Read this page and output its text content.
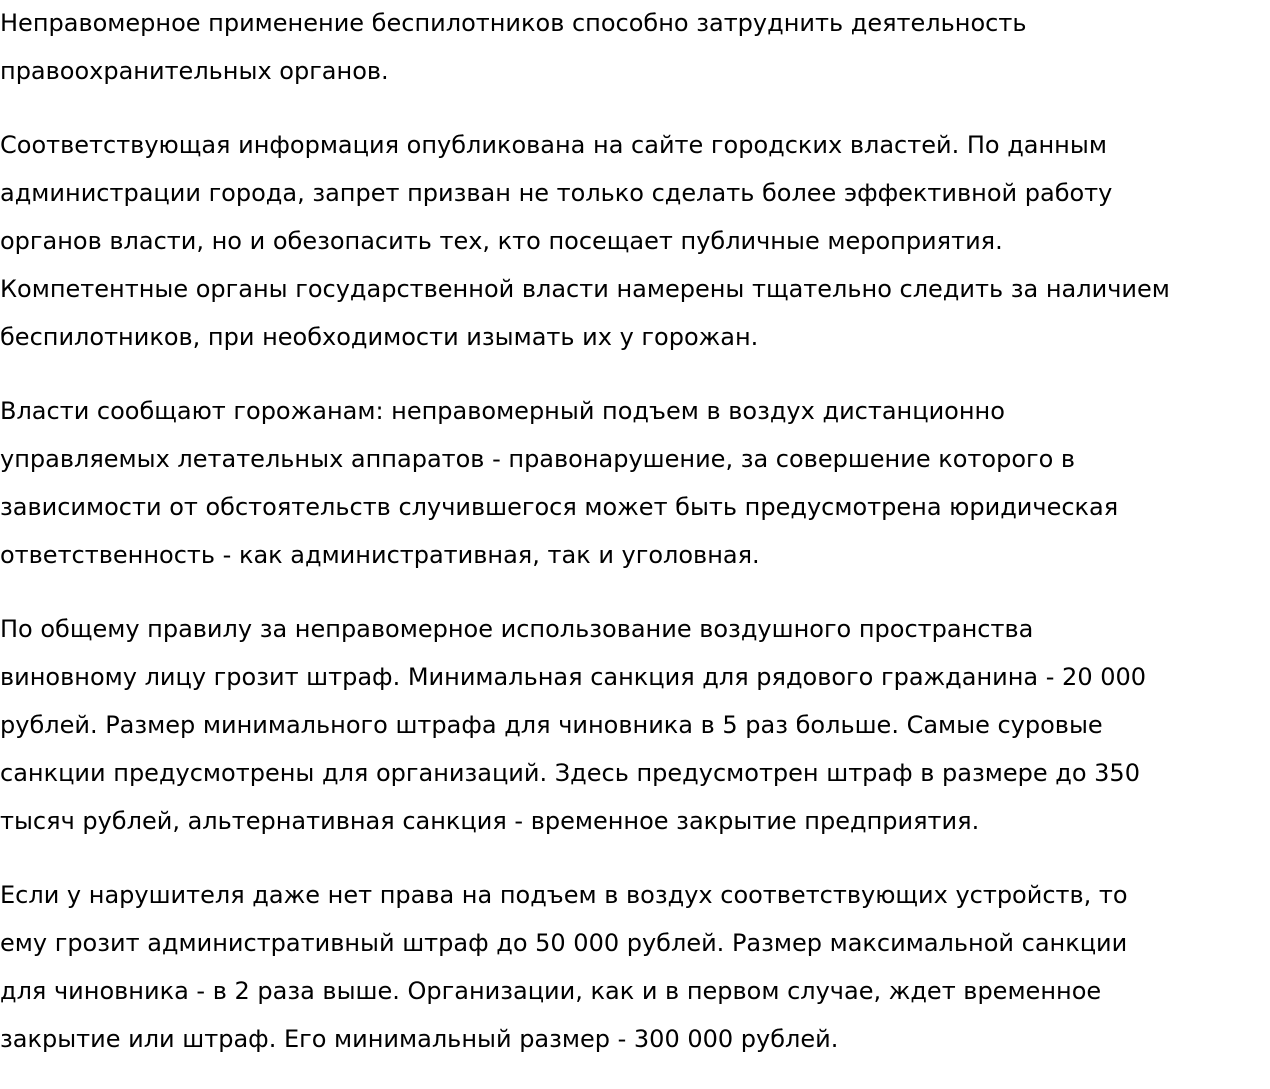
Неправомерное применение беспилотников способно затруднить деятельность
правоохранительных органов.

Соответствующая информация опубликована на сайте городских властей. По данным
администрации города, запрет призван не только сделать более эффективной работу
органов власти, но и обезопасить тех, кто посещает публичные мероприятия.
Компетентные органы государственной власти намерены тщательно следить за наличием
беспилотников, при необходимости изымать их у горожан.

Власти сообщают горожанам: неправомерный подъем в воздух дистанционно
управляемых летательных аппаратов - правонарушение, за совершение которого в
зависимости от обстоятельств случившегося может быть предусмотрена юридическая
ответственность - как административная, так и уголовная.

По общему правилу за неправомерное использование воздушного пространства
виновному лицу грозит штраф. Минимальная санкция для рядового гражданина - 20 000
рублей. Размер минимального штрафа для чиновника в 5 раз больше. Самые суровые
санкции предусмотрены для организаций. Здесь предусмотрен штраф в размере до 350
тысяч рублей, альтернативная санкция - временное закрытие предприятия.

Если у нарушителя даже нет права на подъем в воздух соответствующих устройств, то
ему грозит административный штраф до 50 000 рублей. Размер максимальной санкции
для чиновника - в 2 раза выше. Организации, как и в первом случае, ждет временное
закрытие или штраф. Его минимальный размер - 300 000 рублей.
